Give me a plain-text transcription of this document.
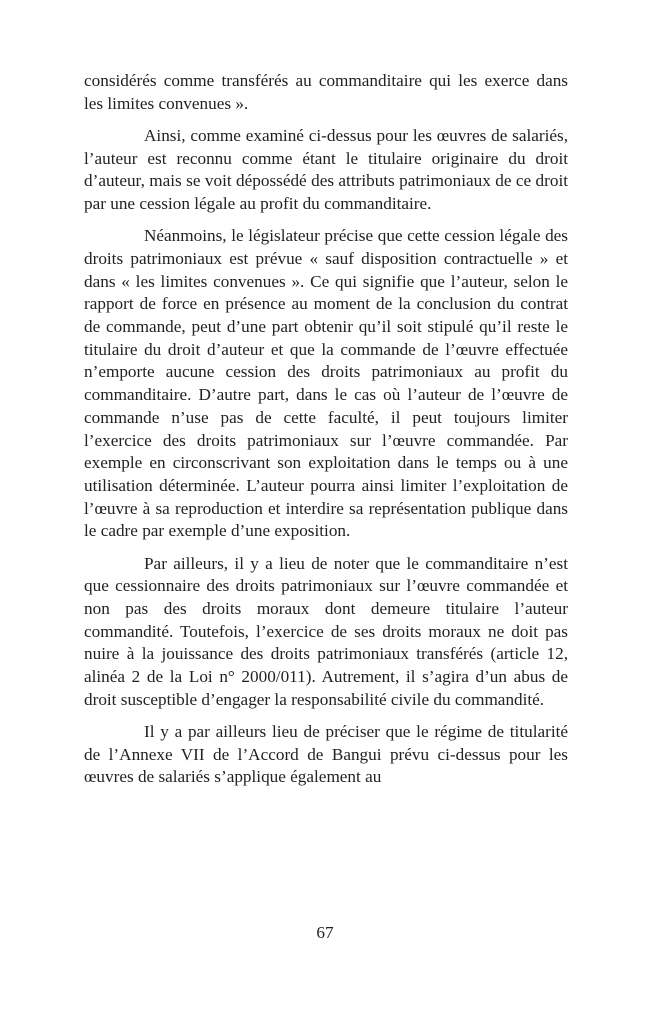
considérés comme transférés au commanditaire qui les exerce dans les limites convenues ».

Ainsi, comme examiné ci-dessus pour les œuvres de salariés, l’auteur est reconnu comme étant le titulaire originaire du droit d’auteur, mais se voit dépossédé des attributs patrimoniaux de ce droit par une cession légale au profit du commanditaire.

Néanmoins, le législateur précise que cette cession légale des droits patrimoniaux est prévue « sauf disposition contractuelle » et dans « les limites convenues ». Ce qui signifie que l’auteur, selon le rapport de force en présence au moment de la conclusion du contrat de commande, peut d’une part obtenir qu’il soit stipulé qu’il reste le titulaire du droit d’auteur et que la commande de l’œuvre effectuée n’emporte aucune cession des droits patrimoniaux au profit du commanditaire. D’autre part, dans le cas où l’auteur de l’œuvre de commande n’use pas de cette faculté, il peut toujours limiter l’exercice des droits patrimoniaux sur l’œuvre commandée. Par exemple en circonscrivant son exploitation dans le temps ou à une utilisation déterminée. L’auteur pourra ainsi limiter l’exploitation de l’œuvre à sa reproduction et interdire sa représentation publique dans le cadre par exemple d’une exposition.

Par ailleurs, il y a lieu de noter que le commanditaire n’est que cessionnaire des droits patrimoniaux sur l’œuvre commandée et non pas des droits moraux dont demeure titulaire l’auteur commandité. Toutefois, l’exercice de ses droits moraux ne doit pas nuire à la jouissance des droits patrimoniaux transférés (article 12, alinéa 2 de la Loi n° 2000/011). Autrement, il s’agira d’un abus de droit susceptible d’engager la responsabilité civile du commandité.

Il y a par ailleurs lieu de préciser que le régime de titularité de l’Annexe VII de l’Accord de Bangui prévu ci-dessus pour les œuvres de salariés s’applique également au

67
